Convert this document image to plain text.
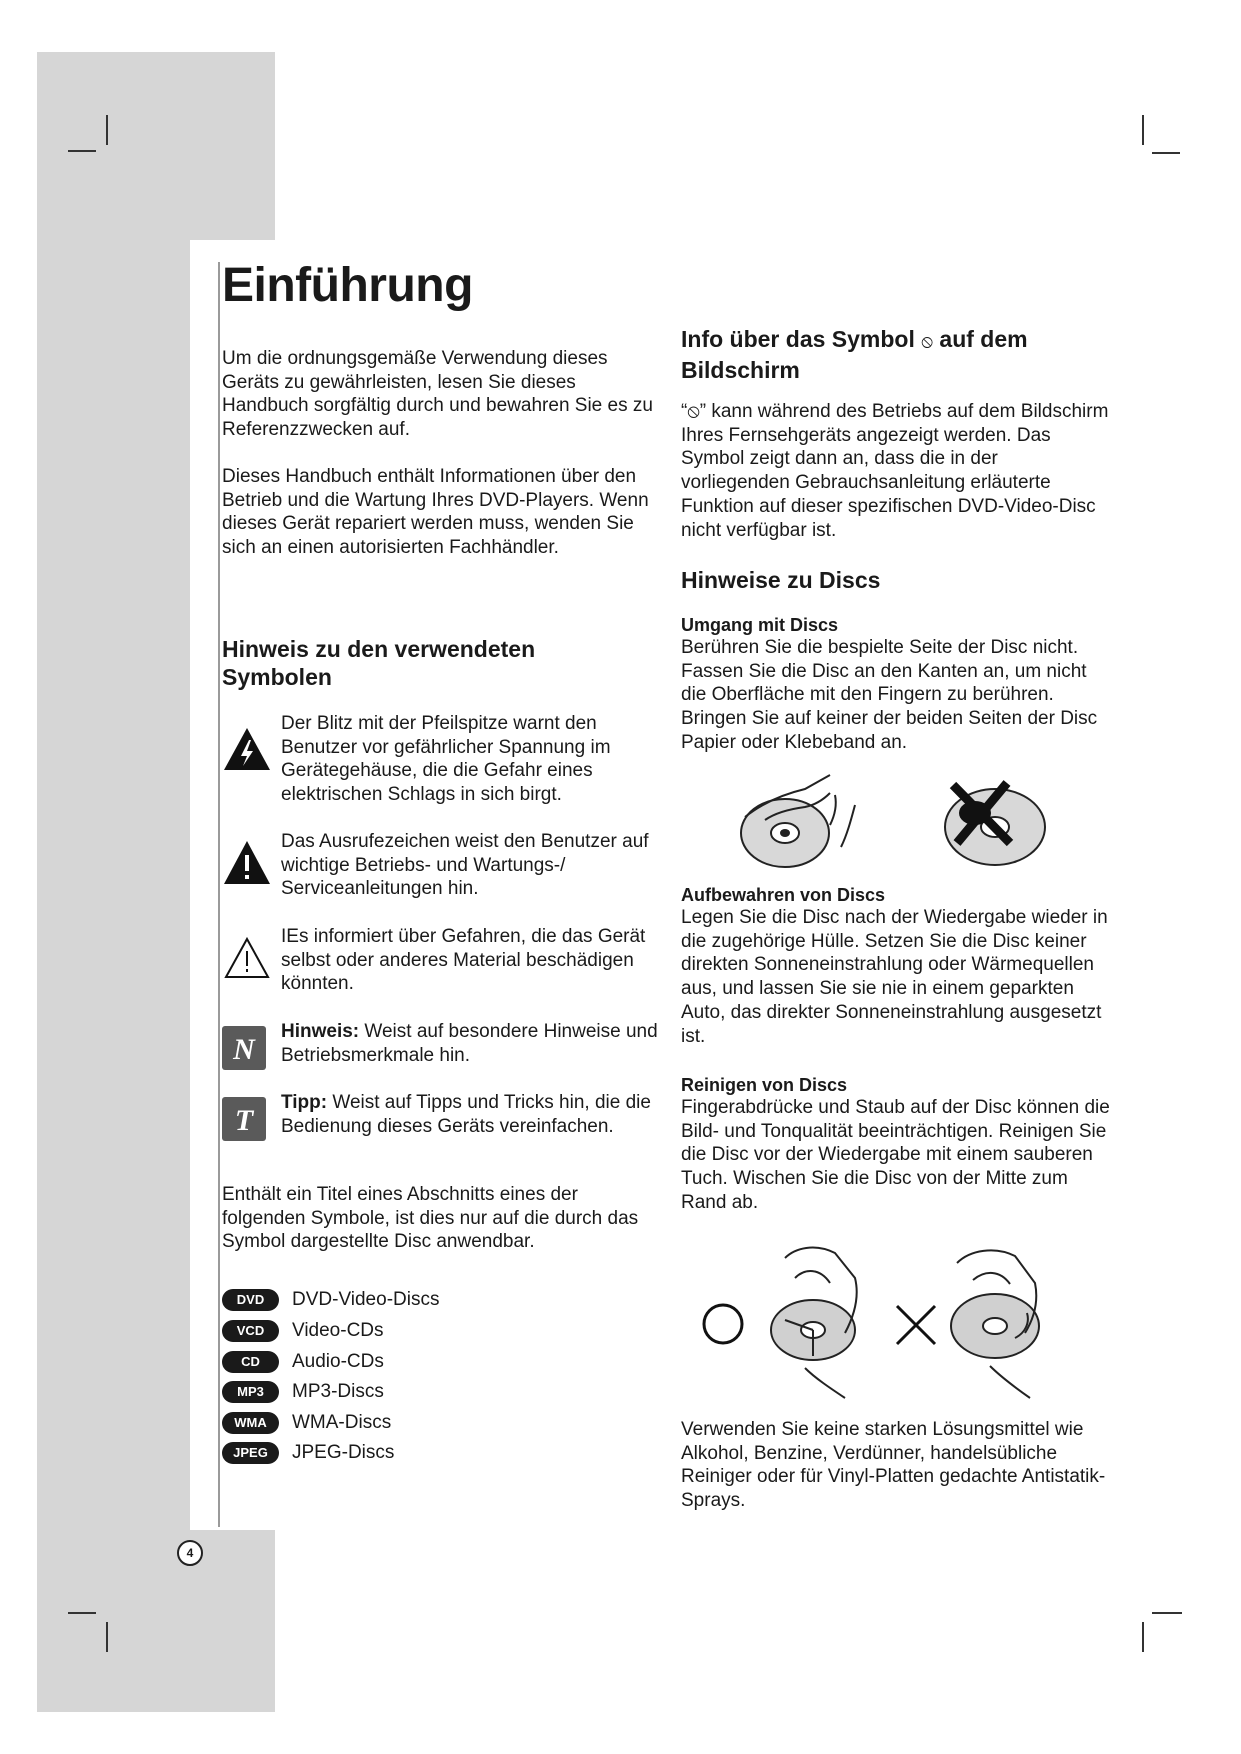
Einführung

Um die ordnungsgemäße Verwendung dieses Geräts zu gewährleisten, lesen Sie dieses Handbuch sorgfältig durch und bewahren Sie es zu Referenzzwecken auf.

Dieses Handbuch enthält Informationen über den Betrieb und die Wartung Ihres DVD-Players. Wenn dieses Gerät repariert werden muss, wenden Sie sich an einen autorisierten Fachhändler.

Hinweis zu den verwendeten Symbolen
Der Blitz mit der Pfeilspitze warnt den Benutzer vor gefährlicher Spannung im Gerätegehäuse, die die Gefahr eines elektrischen Schlags in sich birgt.
Das Ausrufezeichen weist den Benutzer auf wichtige Betriebs- und Wartungs-/ Serviceanleitungen hin.
IEs informiert über Gefahren, die das Gerät selbst oder anderes Material beschädigen könnten.
N
Hinweis: Weist auf besondere Hinweise und Betriebsmerkmale hin.
T
Tipp: Weist auf Tipps und Tricks hin, die die Bedienung dieses Geräts vereinfachen.

Enthält ein Titel eines Abschnitts eines der folgenden Symbole, ist dies nur auf die durch das Symbol dargestellte Disc anwendbar.

DVD	DVD-Video-Discs
VCD	Video-CDs
CD	Audio-CDs
MP3	MP3-Discs
WMA	WMA-Discs
JPEG	JPEG-Discs
4
Info über das Symbol ⦸ auf dem Bildschirm

“⦸” kann während des Betriebs auf dem Bildschirm Ihres Fernsehgeräts angezeigt werden. Das Symbol zeigt dann an, dass die in der vorliegenden Gebrauchsanleitung erläuterte Funktion auf dieser spezifischen DVD-Video-Disc nicht verfügbar ist.

Hinweise zu Discs
Umgang mit Discs

Berühren Sie die bespielte Seite der Disc nicht. Fassen Sie die Disc an den Kanten an, um nicht die Oberfläche mit den Fingern zu berühren. Bringen Sie auf keiner der beiden Seiten der Disc Papier oder Klebeband an.

Aufbewahren von Discs

Legen Sie die Disc nach der Wiedergabe wieder in die zugehörige Hülle. Setzen Sie die Disc keiner direkten Sonneneinstrahlung oder Wärmequellen aus, und lassen Sie sie nie in einem geparkten Auto, das direkter Sonneneinstrahlung ausgesetzt ist.

Reinigen von Discs

Fingerabdrücke und Staub auf der Disc können die Bild- und Tonqualität beeinträchtigen. Reinigen Sie die Disc vor der Wiedergabe mit einem sauberen Tuch. Wischen Sie die Disc von der Mitte zum Rand ab.

Verwenden Sie keine starken Lösungsmittel wie Alkohol, Benzine, Verdünner, handelsübliche Reiniger oder für Vinyl-Platten gedachte Antistatik-Sprays.
